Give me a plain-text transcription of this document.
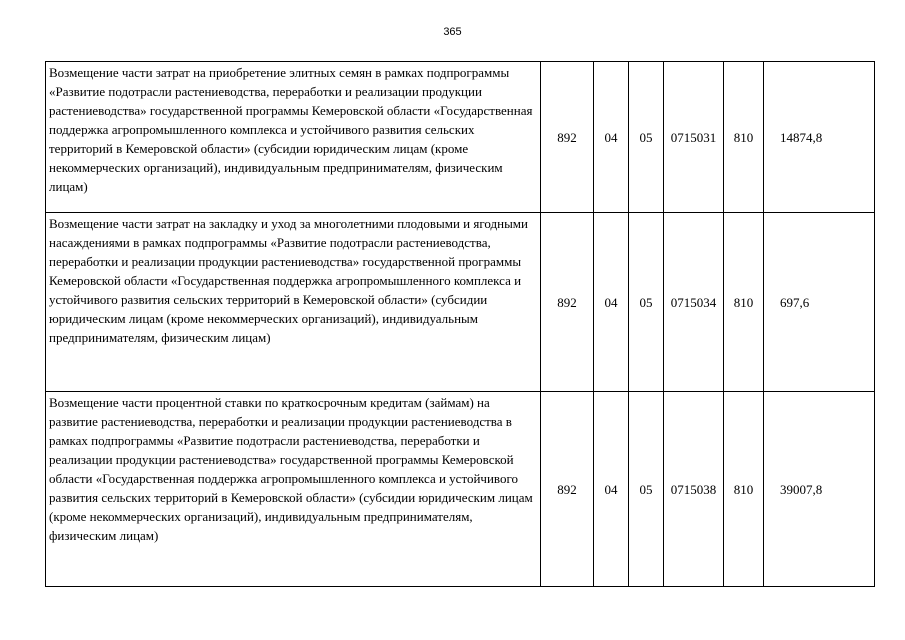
365
Возмещение части затрат на приобретение элитных семян в рамках подпрограммы «Развитие подотрасли растениеводства, переработки и реализации продукции растениеводства» государственной программы Кемеровской области «Государственная поддержка агропромышленного комплекса и устойчивого развития сельских территорий в Кемеровской области» (субсидии юридическим лицам (кроме некоммерческих организаций), индивидуальным предпринимателям, физическим лицам)	892	04	05	0715031	810	14874,8
Возмещение части затрат на закладку и уход за многолетними плодовыми и ягодными насаждениями в рамках подпрограммы «Развитие подотрасли растениеводства, переработки и реализации продукции растениеводства» государственной программы Кемеровской области «Государственная поддержка агропромышленного комплекса и устойчивого развития сельских территорий в Кемеровской области» (субсидии юридическим лицам (кроме некоммерческих организаций), индивидуальным предпринимателям, физическим лицам)	892	04	05	0715034	810	697,6
Возмещение части процентной ставки по краткосрочным кредитам (займам) на развитие растениеводства, переработки и реализации продукции растениеводства в рамках подпрограммы «Развитие подотрасли растениеводства, переработки и реализации продукции растениеводства» государственной программы Кемеровской области «Государственная поддержка агропромышленного комплекса и устойчивого развития сельских территорий в Кемеровской области» (субсидии юридическим лицам (кроме некоммерческих организаций), индивидуальным предпринимателям, физическим лицам)	892	04	05	0715038	810	39007,8
